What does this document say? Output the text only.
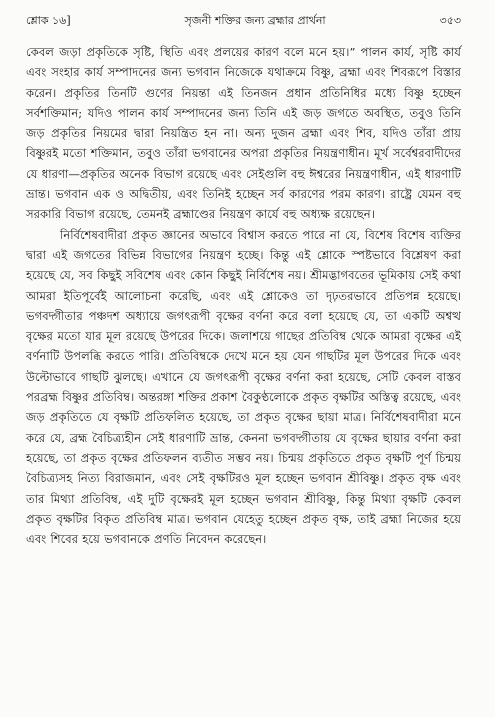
শ্লোক ১৬]	সৃজনী শক্তির জন্য ব্রহ্মার প্রার্থনা	৩৫৩

কেবল জড়া প্রকৃতিকে সৃষ্টি, স্থিতি এবং প্রলয়ের কারণ বলে মনে হয়।” পালন কার্য, সৃষ্টি কার্য এবং সংহার কার্য সম্পাদনের জন্য ভগবান নিজেকে যথাক্রমে বিষ্ণু, ব্রহ্মা এবং শিবরূপে বিস্তার করেন। প্রকৃতির তিনটি গুণের নিয়ন্তা এই তিনজন প্রধান প্রতিনিধির মধ্যে বিষ্ণু হচ্ছেন সর্বশক্তিমান; যদিও পালন কার্য সম্পাদনের জন্য তিনি এই জড় জগতে অবস্থিত, তবুও তিনি জড় প্রকৃতির নিয়মের দ্বারা নিয়ন্ত্রিত হন না। অন্য দুজন ব্রহ্মা এবং শিব, যদিও তাঁরা প্রায় বিষ্ণুরই মতো শক্তিমান, তবুও তাঁরা ভগবানের অপরা প্রকৃতির নিয়ন্ত্রণাধীন। মূর্খ সর্বেশ্বরবাদীদের যে ধারণা—প্রকৃতির অনেক বিভাগ রয়েছে এবং সেইগুলি বহু ঈশ্বরের নিয়ন্ত্রণাধীন, এই ধারণাটি ভ্রান্ত। ভগবান এক ও অদ্বিতীয়, এবং তিনিই হচ্ছেন সর্ব কারণের পরম কারণ। রাষ্ট্রে যেমন বহু সরকারি বিভাগ রয়েছে, তেমনই ব্রহ্মাণ্ডের নিয়ন্ত্রণ কার্যে বহু অধ্যক্ষ রয়েছেন।

নির্বিশেষবাদীরা প্রকৃত জ্ঞানের অভাবে বিশ্বাস করতে পারে না যে, বিশেষ বিশেষ ব্যক্তির দ্বারা এই জগতের বিভিন্ন বিভাগের নিয়ন্ত্রণ হচ্ছে। কিন্তু এই শ্লোকে স্পষ্টভাবে বিশ্লেষণ করা হয়েছে যে, সব কিছুই সবিশেষ এবং কোন কিছুই নির্বিশেষ নয়। শ্রীমদ্ভাগবতের ভূমিকায় সেই কথা আমরা ইতিপূর্বেই আলোচনা করেছি, এবং এই শ্লোকেও তা দৃঢ়তরভাবে প্রতিপন্ন হয়েছে। ভগবদ্গীতার পঞ্চদশ অধ্যায়ে জগৎরূপী বৃক্ষের বর্ণনা করে বলা হয়েছে যে, তা একটি অশ্বত্থ বৃক্ষের মতো যার মূল রয়েছে উপরের দিকে। জলাশয়ে গাছের প্রতিবিম্ব থেকে আমরা বৃক্ষের এই বর্ণনাটি উপলব্ধি করতে পারি। প্রতিবিম্বকে দেখে মনে হয় যেন গাছটির মূল উপরের দিকে এবং উল্টোভাবে গাছটি ঝুলছে। এখানে যে জগৎরূপী বৃক্ষের বর্ণনা করা হয়েছে, সেটি কেবল বাস্তব পরব্রহ্ম বিষ্ণুর প্রতিবিম্ব। অন্তরঙ্গা শক্তির প্রকাশ বৈকুণ্ঠলোকে প্রকৃত বৃক্ষটির অস্তিত্ব রয়েছে, এবং জড় প্রকৃতিতে যে বৃক্ষটি প্রতিফলিত হয়েছে, তা প্রকৃত বৃক্ষের ছায়া মাত্র। নির্বিশেষবাদীরা মনে করে যে, ব্রহ্ম বৈচিত্র্যহীন সেই ধারণাটি ভ্রান্ত, কেননা ভগবদ্গীতায় যে বৃক্ষের ছায়ার বর্ণনা করা হয়েছে, তা প্রকৃত বৃক্ষের প্রতিফলন ব্যতীত সম্ভব নয়। চিন্ময় প্রকৃতিতে প্রকৃত বৃক্ষটি পূর্ণ চিন্ময় বৈচিত্র্যসহ নিত্য বিরাজমান, এবং সেই বৃক্ষটিরও মূল হচ্ছেন ভগবান শ্রীবিষ্ণু। প্রকৃত বৃক্ষ এবং তার মিথ্যা প্রতিবিম্ব, এই দুটি বৃক্ষেরই মূল হচ্ছেন ভগবান শ্রীবিষ্ণু, কিন্তু মিথ্যা বৃক্ষটি কেবল প্রকৃত বৃক্ষটির বিকৃত প্রতিবিম্ব মাত্র। ভগবান যেহেতু হচ্ছেন প্রকৃত বৃক্ষ, তাই ব্রহ্মা নিজের হয়ে এবং শিবের হয়ে ভগবানকে প্রণতি নিবেদন করেছেন।
